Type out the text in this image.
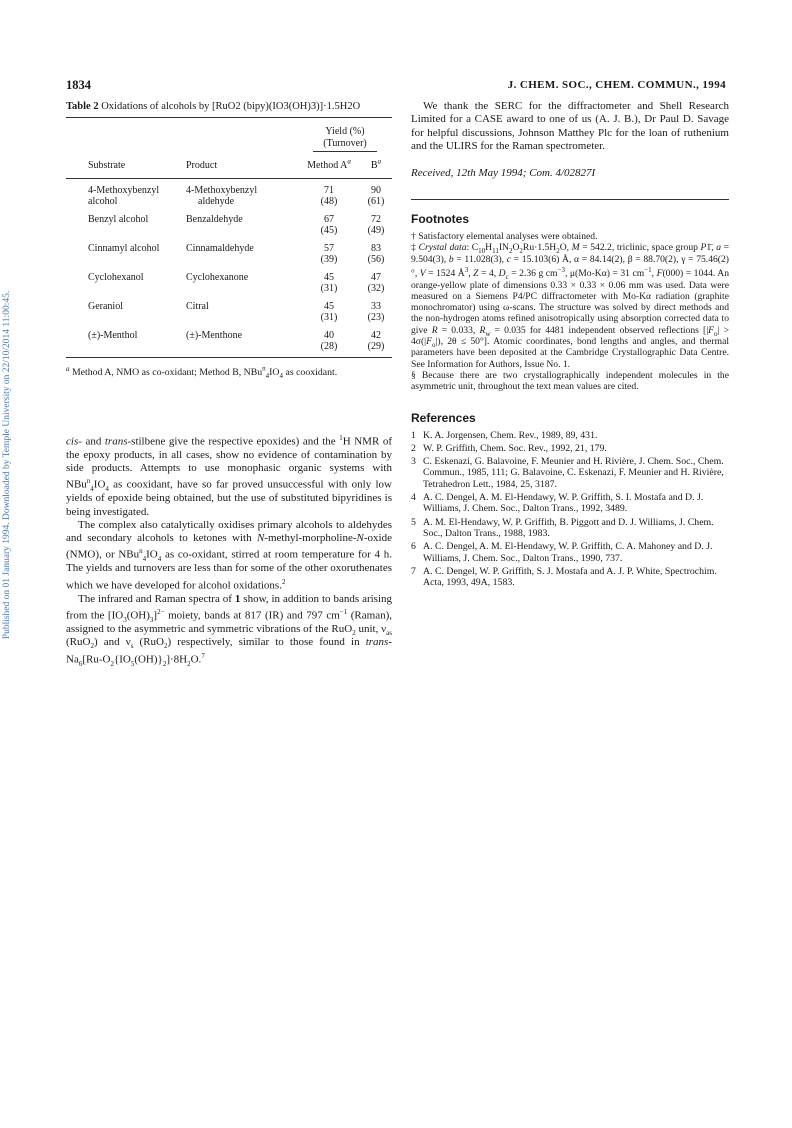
Published on 01 January 1994. Downloaded by Temple University on 22/10/2014 11:00:45.
1834	J. CHEM. SOC., CHEM. COMMUN., 1994
Table 2 Oxidations of alcohols by [RuO2 (bipy)(IO3(OH)3)]·1.5H2O
		Yield (%)
(Turnover)	
Substrate	Product	Method $A^a$	$B^a$
4-Methoxybenzyl	4-Methoxybenzyl	71	90
alcohol	aldehyde	(48)	(61)
Benzyl alcohol	Benzaldehyde	67	72
		(45)	(49)
Cinnamyl alcohol	Cinnamaldehyde	57	83
		(39)	(56)
Cyclohexanol	Cyclohexanone	45	47
		(31)	(32)
Geraniol	Citral	45	33
		(31)	(23)
(±)-Menthol	(±)-Menthone	40	42
		(28)	(29)
$^a$ Method A, NMO as co-oxidant; Method B, $NBu^n_4IO_4$ as cooxidant.

cis- and trans-stilbene give the respective epoxides) and the $^1$H NMR of the epoxy products, in all cases, show no evidence of contamination by side products. Attempts to use monophasic organic systems with $NBu^n_4IO_4$ as cooxidant, have so far proved unsuccessful with only low yields of epoxide being obtained, but the use of substituted bipyridines is being investigated.

The complex also catalytically oxidises primary alcohols to aldehydes and secondary alcohols to ketones with N-methyl-morpholine-N-oxide (NMO), or $NBu^n_4IO_4$ as co-oxidant, stirred at room temperature for 4 h. The yields and turnovers are less than for some of the other oxoruthenates which we have developed for alcohol oxidations.$^2$

The infrared and Raman spectra of 1 show, in addition to bands arising from the $[IO_3(OH)_3]^{2-}$ moiety, bands at 817 (IR) and 797 $cm^{-1}$ (Raman), assigned to the asymmetric and symmetric vibrations of the RuO$_2$ unit, $\nu_{as}$ (RuO$_2$) and $\nu_s$ (RuO$_2$) respectively, similar to those found in trans-$Na_6[Ru-O_2\{IO_5(OH)\}_2]\cdot 8H_2O.^7$

We thank the SERC for the diffractometer and Shell Research Limited for a CASE award to one of us (A. J. B.), Dr Paul D. Savage for helpful discussions, Johnson Matthey Plc for the loan of ruthenium and the ULIRS for the Raman spectrometer.

Received, 12th May 1994; Com. 4/02827I
Footnotes

† Satisfactory elemental analyses were obtained.

‡ Crystal data: $C_{10}H_{11}IN_2O_2Ru\cdot 1.5H_2O$, M = 542.2, triclinic, space group P1̄, a = 9.504(3), b = 11.028(3), c = 15.103(6) Å, α = 84.14(2), β = 88.70(2), γ = 75.46(2)°, V = 1524 $Å^3$, Z = 4, $D_c = 2.36$ g $cm^{-3}$, μ(Mo-Kα) = 31 $cm^{-1}$, F(000) = 1044. An orange-yellow plate of dimensions 0.33 × 0.33 × 0.06 mm was used. Data were measured on a Siemens P4/PC diffractometer with Mo-Kα radiation (graphite monochromator) using ω-scans. The structure was solved by direct methods and the non-hydrogen atoms refined anisotropically using absorption corrected data to give R = 0.033, $R_w = 0.035$ for 4481 independent observed reflections [$|F_o| > 4\sigma(|F_o|)$, 2θ ≤ 50°]. Atomic coordinates, bond lengths and angles, and thermal parameters have been deposited at the Cambridge Crystallographic Data Centre. See Information for Authors, Issue No. 1.

§ Because there are two crystallographically independent molecules in the asymmetric unit, throughout the text mean values are cited.

References
1 K. A. Jorgensen, Chem. Rev., 1989, 89, 431.
2 W. P. Griffith, Chem. Soc. Rev., 1992, 21, 179.
3 C. Eskenazi, G. Balavoine, F. Meunier and H. Rivière, J. Chem. Soc., Chem. Commun., 1985, 111; G. Balavoine, C. Eskenazi, F. Meunier and H. Rivière, Tetrahedron Lett., 1984, 25, 3187.
4 A. C. Dengel, A. M. El-Hendawy, W. P. Griffith, S. I. Mostafa and D. J. Williams, J. Chem. Soc., Dalton Trans., 1992, 3489.
5 A. M. El-Hendawy, W. P. Griffith, B. Piggott and D. J. Williams, J. Chem. Soc., Dalton Trans., 1988, 1983.
6 A. C. Dengel, A. M. El-Hendawy, W. P. Griffith, C. A. Mahoney and D. J. Williams, J. Chem. Soc., Dalton Trans., 1990, 737.
7 A. C. Dengel, W. P. Griffith, S. J. Mostafa and A. J. P. White, Spectrochim. Acta, 1993, 49A, 1583.
